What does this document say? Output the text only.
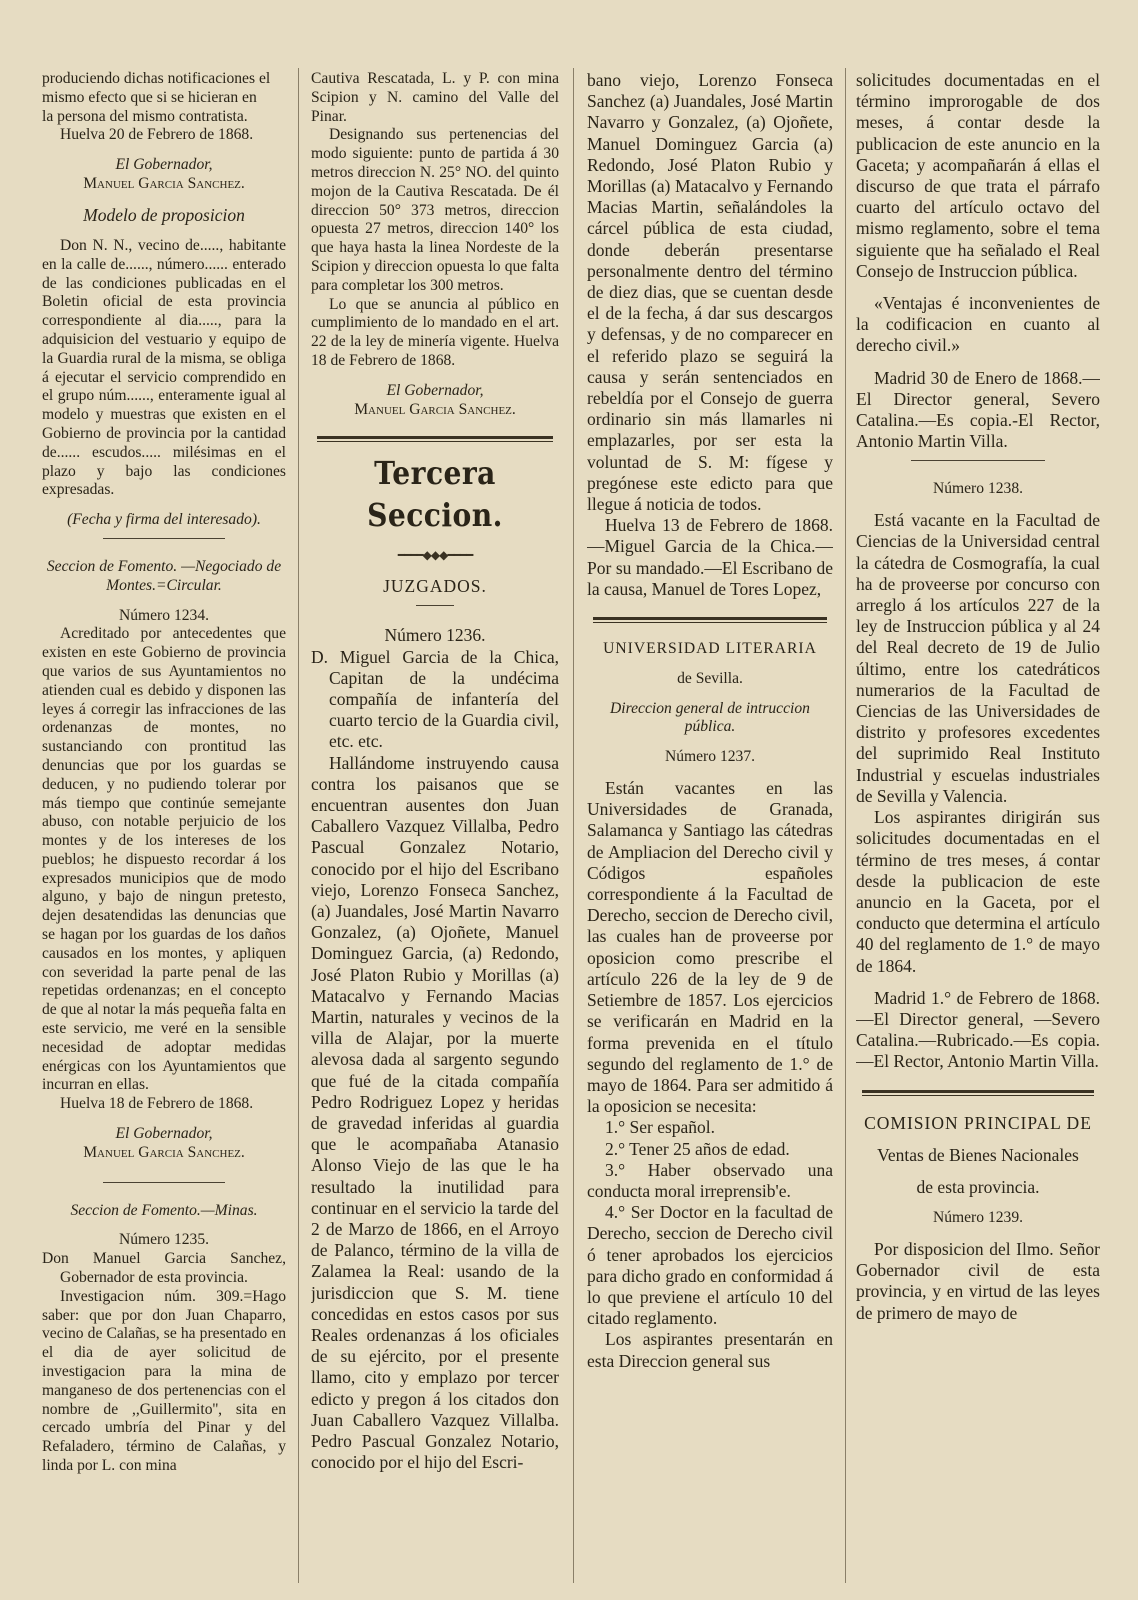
produciendo dichas notificaciones el

mismo efecto que si se hicieran en

la persona del mismo contratista.

Huelva 20 de Febrero de 1868.

El Gobernador,

Manuel Garcia Sanchez.

Modelo de proposicion

Don N. N., vecino de....., habitante en la calle de......, número...... enterado de las condiciones publicadas en el Boletin oficial de esta provincia correspondiente al dia....., para la adquisicion del vestuario y equipo de la Guardia rural de la misma, se obliga á ejecutar el servicio comprendido en el grupo núm......, enteramente igual al modelo y muestras que existen en el Gobierno de provincia por la cantidad de...... escudos..... milésimas en el plazo y bajo las condiciones expresadas.

(Fecha y firma del interesado).

Seccion de Fomento. —Negociado de Montes.=Circular.

Número 1234.

Acreditado por antecedentes que existen en este Gobierno de provincia que varios de sus Ayuntamientos no atienden cual es debido y disponen las leyes á corregir las infracciones de las ordenanzas de montes, no sustanciando con prontitud las denuncias que por los guardas se deducen, y no pudiendo tolerar por más tiempo que continúe semejante abuso, con notable perjuicio de los montes y de los intereses de los pueblos; he dispuesto recordar á los expresados municipios que de modo alguno, y bajo de ningun pretesto, dejen desatendidas las denuncias que se hagan por los guardas de los daños causados en los montes, y apliquen con severidad la parte penal de las repetidas ordenanzas; en el concepto de que al notar la más pequeña falta en este servicio, me veré en la sensible necesidad de adoptar medidas enérgicas con los Ayuntamientos que incurran en ellas.

Huelva 18 de Febrero de 1868.

El Gobernador,

Manuel Garcia Sanchez.

Seccion de Fomento.—Minas.

Número 1235.

Don Manuel Garcia Sanchez, Gobernador de esta provincia.

Investigacion núm. 309.=Hago saber: que por don Juan Chaparro, vecino de Calañas, se ha presentado en el dia de ayer solicitud de investigacion para la mina de manganeso de dos pertenencias con el nombre de ,,Guillermito'', sita en cercado umbría del Pinar y del Refaladero, término de Calañas, y linda por L. con mina

Cautiva Rescatada, L. y P. con mina Scipion y N. camino del Valle del Pinar.

Designando sus pertenencias del modo siguiente: punto de partida á 30 metros direccion N. 25° NO. del quinto mojon de la Cautiva Rescatada. De él direccion 50° 373 metros, direccion opuesta 27 metros, direccion 140° los que haya hasta la linea Nordeste de la Scipion y direccion opuesta lo que falta para completar los 300 metros.

Lo que se anuncia al público en cumplimiento de lo mandado en el art. 22 de la ley de minería vigente. Huelva 18 de Febrero de 1868.

El Gobernador,

Manuel Garcia Sanchez.

Tercera Seccion.
━━━━◆◆◆━━━━

JUZGADOS.

Número 1236.

D. Miguel Garcia de la Chica, Capitan de la undécima compañía de infantería del cuarto tercio de la Guardia civil, etc. etc.

Hallándome instruyendo causa contra los paisanos que se encuentran ausentes don Juan Caballero Vazquez Villalba, Pedro Pascual Gonzalez Notario, conocido por el hijo del Escribano viejo, Lorenzo Fonseca Sanchez, (a) Juandales, José Martin Navarro Gonzalez, (a) Ojoñete, Manuel Dominguez Garcia, (a) Redondo, José Platon Rubio y Morillas (a) Matacalvo y Fernando Macias Martin, naturales y vecinos de la villa de Alajar, por la muerte alevosa dada al sargento segundo que fué de la citada compañía Pedro Rodriguez Lopez y heridas de gravedad inferidas al guardia que le acompañaba Atanasio Alonso Viejo de las que le ha resultado la inutilidad para continuar en el servicio la tarde del 2 de Marzo de 1866, en el Arroyo de Palanco, término de la villa de Zalamea la Real: usando de la jurisdiccion que S. M. tiene concedidas en estos casos por sus Reales ordenanzas á los oficiales de su ejército, por el presente llamo, cito y emplazo por tercer edicto y pregon á los citados don Juan Caballero Vazquez Villalba. Pedro Pascual Gonzalez Notario, conocido por el hijo del Escri-

bano viejo, Lorenzo Fonseca Sanchez (a) Juandales, José Martin Navarro y Gonzalez, (a) Ojoñete, Manuel Dominguez Garcia (a) Redondo, José Platon Rubio y Morillas (a) Matacalvo y Fernando Macias Martin, señalándoles la cárcel pública de esta ciudad, donde deberán presentarse personalmente dentro del término de diez dias, que se cuentan desde el de la fecha, á dar sus descargos y defensas, y de no comparecer en el referido plazo se seguirá la causa y serán sentenciados en rebeldía por el Consejo de guerra ordinario sin más llamarles ni emplazarles, por ser esta la voluntad de S. M: fígese y pregónese este edicto para que llegue á noticia de todos.

Huelva 13 de Febrero de 1868.—Miguel Garcia de la Chica.—Por su mandado.—El Escribano de la causa, Manuel de Tores Lopez,

UNIVERSIDAD LITERARIA

de Sevilla.

Direccion general de intruccion pública.

Número 1237.

Están vacantes en las Universidades de Granada, Salamanca y Santiago las cátedras de Ampliacion del Derecho civil y Códigos españoles correspondiente á la Facultad de Derecho, seccion de Derecho civil, las cuales han de proveerse por oposicion como prescribe el artículo 226 de la ley de 9 de Setiembre de 1857. Los ejercicios se verificarán en Madrid en la forma prevenida en el título segundo del reglamento de 1.° de mayo de 1864. Para ser admitido á la oposicion se necesita:

1.° Ser español.

2.° Tener 25 años de edad.

3.° Haber observado una conducta moral irreprensib'e.

4.° Ser Doctor en la facultad de Derecho, seccion de Derecho civil ó tener aprobados los ejercicios para dicho grado en conformidad á lo que previene el artículo 10 del citado reglamento.

Los aspirantes presentarán en esta Direccion general sus

solicitudes documentadas en el término improrogable de dos meses, á contar desde la publicacion de este anuncio en la Gaceta; y acompañarán á ellas el discurso de que trata el párrafo cuarto del artículo octavo del mismo reglamento, sobre el tema siguiente que ha señalado el Real Consejo de Instruccion pública.

«Ventajas é inconvenientes de la codificacion en cuanto al derecho civil.»

Madrid 30 de Enero de 1868.—El Director general, Severo Catalina.—Es copia.-El Rector, Antonio Martin Villa.

Número 1238.

Está vacante en la Facultad de Ciencias de la Universidad central la cátedra de Cosmografía, la cual ha de proveerse por concurso con arreglo á los artículos 227 de la ley de Instruccion pública y al 24 del Real decreto de 19 de Julio último, entre los catedráticos numerarios de la Facultad de Ciencias de las Universidades de distrito y profesores excedentes del suprimido Real Instituto Industrial y escuelas industriales de Sevilla y Valencia.

Los aspirantes dirigirán sus solicitudes documentadas en el término de tres meses, á contar desde la publicacion de este anuncio en la Gaceta, por el conducto que determina el artículo 40 del reglamento de 1.° de mayo de 1864.

Madrid 1.° de Febrero de 1868.—El Director general, —Severo Catalina.—Rubricado.—Es copia.—El Rector, Antonio Martin Villa.

COMISION PRINCIPAL DE

Ventas de Bienes Nacionales

de esta provincia.

Número 1239.

Por disposicion del Ilmo. Señor Gobernador civil de esta provincia, y en virtud de las leyes de primero de mayo de
